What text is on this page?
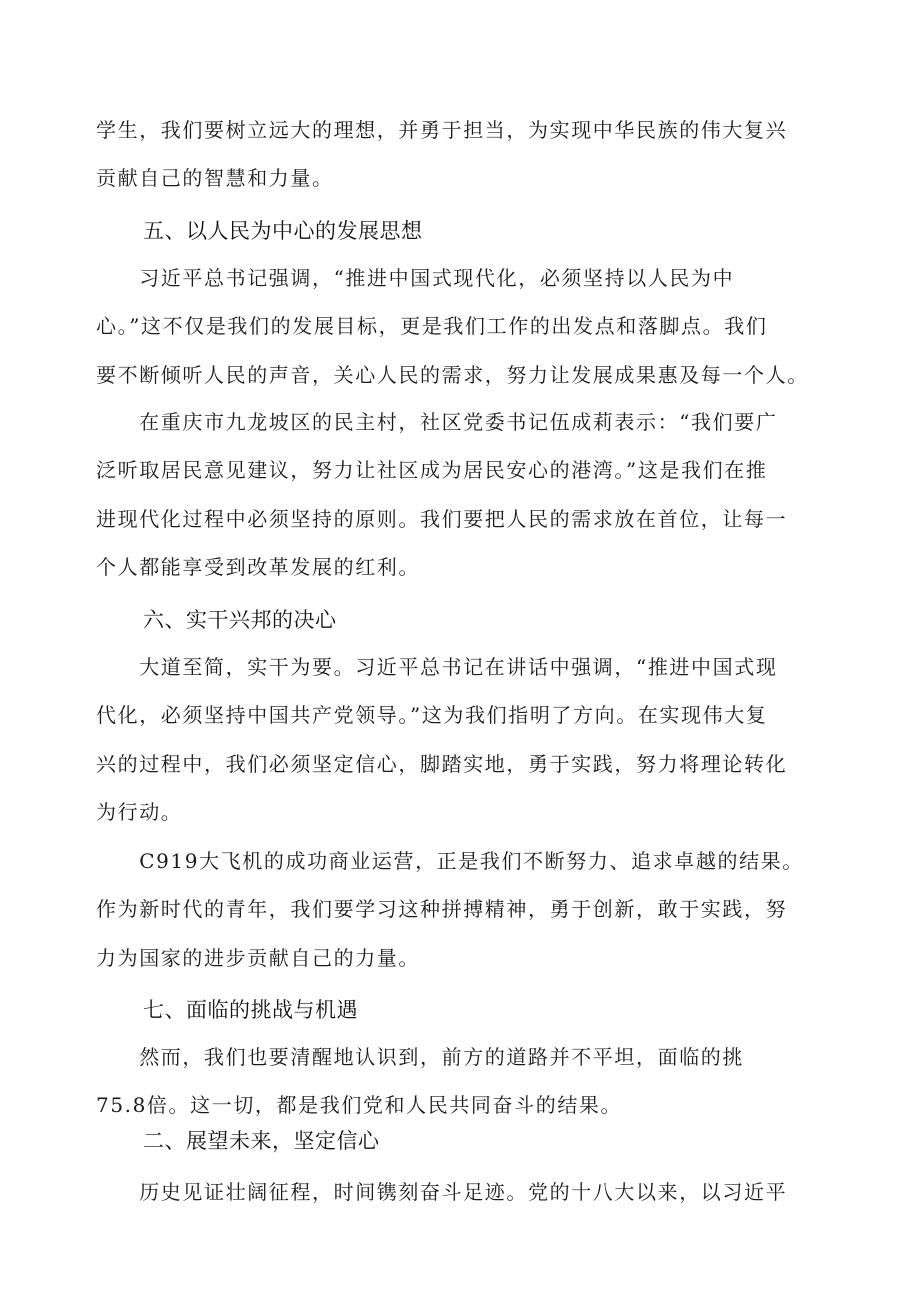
学生，我们要树立远大的理想，并勇于担当，为实现中华民族的伟大复兴
贡献自己的智慧和力量。

五、以人民为中心的发展思想

　　习近平总书记强调，“推进中国式现代化，必须坚持以人民为中
心。”这不仅是我们的发展目标，更是我们工作的出发点和落脚点。我们
要不断倾听人民的声音，关心人民的需求，努力让发展成果惠及每一个人。

　　在重庆市九龙坡区的民主村，社区党委书记伍成莉表示：“我们要广
泛听取居民意见建议，努力让社区成为居民安心的港湾。”这是我们在推
进现代化过程中必须坚持的原则。我们要把人民的需求放在首位，让每一
个人都能享受到改革发展的红利。

六、实干兴邦的决心

　　大道至简，实干为要。习近平总书记在讲话中强调，“推进中国式现
代化，必须坚持中国共产党领导。”这为我们指明了方向。在实现伟大复
兴的过程中，我们必须坚定信心，脚踏实地，勇于实践，努力将理论转化
为行动。

　　C919大飞机的成功商业运营，正是我们不断努力、追求卓越的结果。
作为新时代的青年，我们要学习这种拼搏精神，勇于创新，敢于实践，努
力为国家的进步贡献自己的力量。

七、面临的挑战与机遇

　　然而，我们也要清醒地认识到，前方的道路并不平坦，面临的挑
75.8倍。这一切，都是我们党和人民共同奋斗的结果。

二、展望未来，坚定信心

　　历史见证壮阔征程，时间镌刻奋斗足迹。党的十八大以来，以习近平
